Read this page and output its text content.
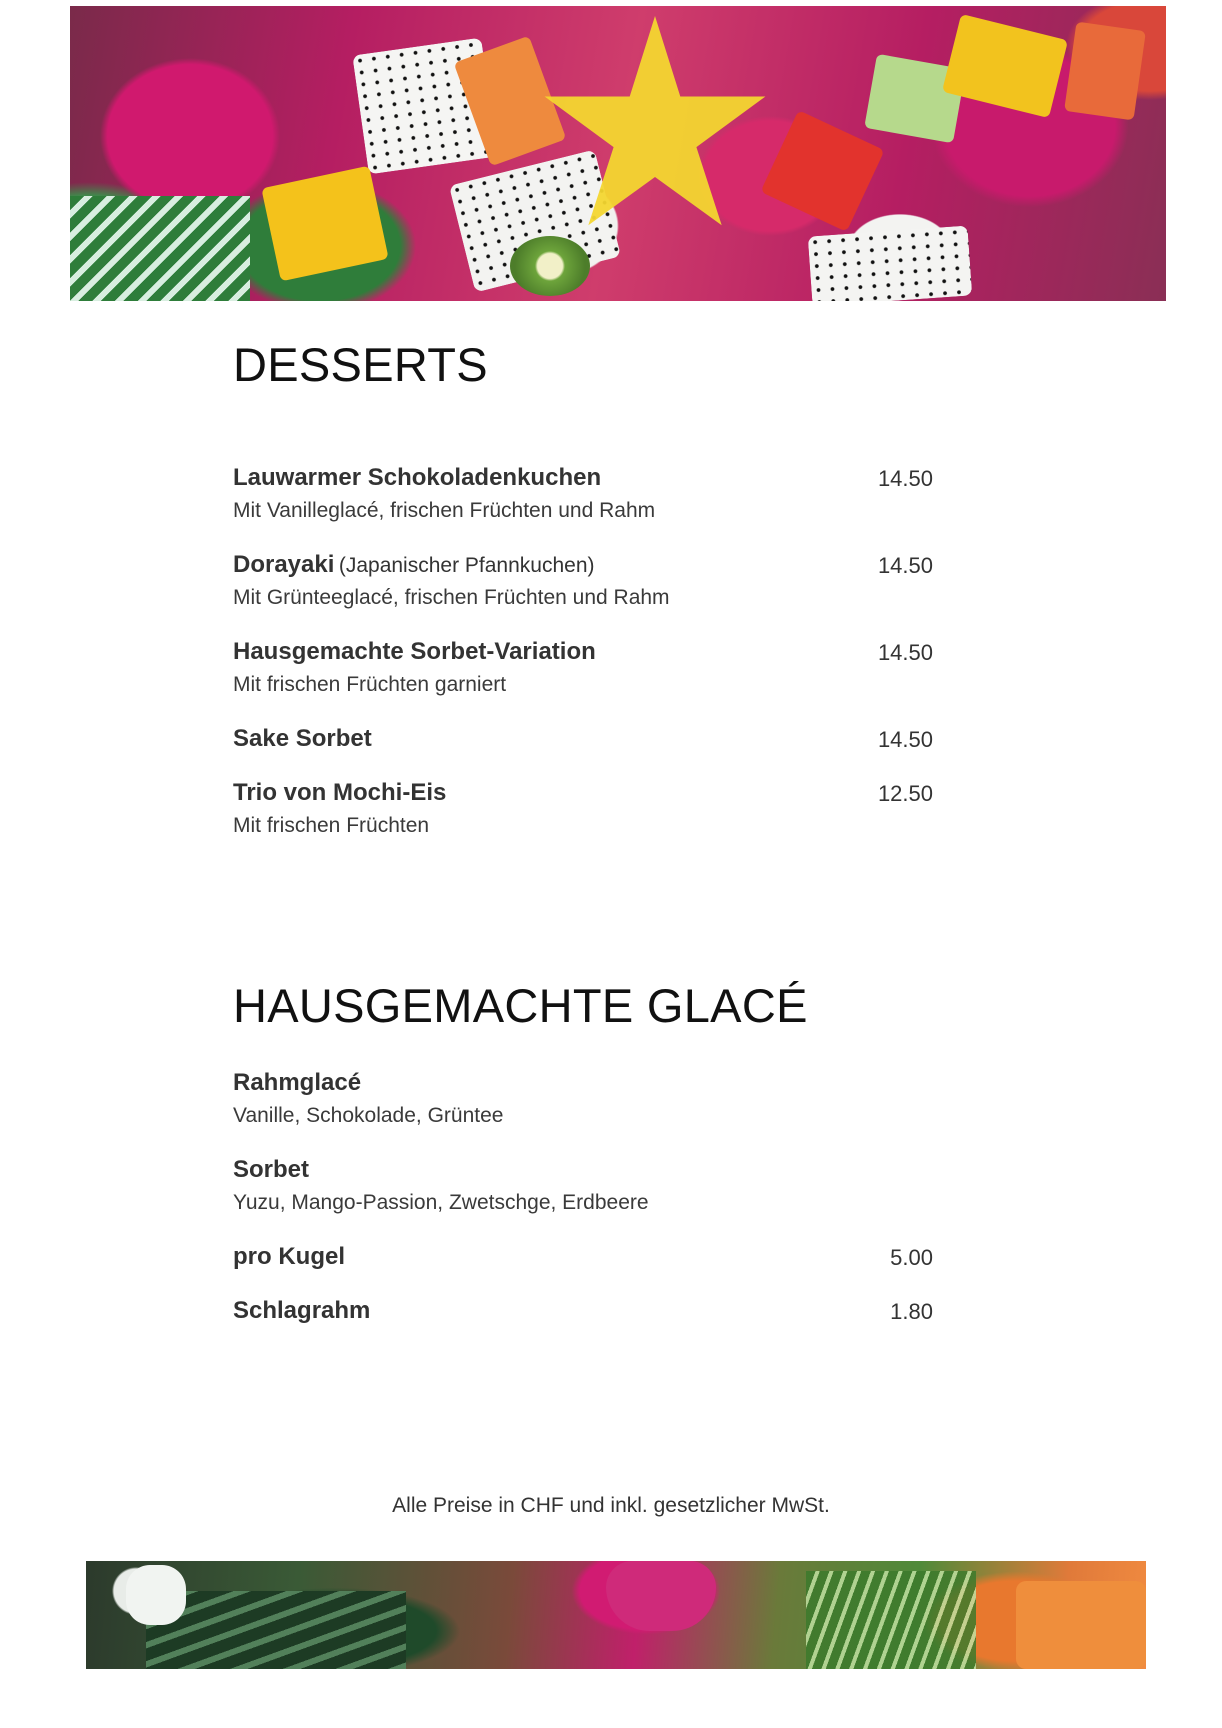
DESSERTS
Lauwarmer Schokoladenkuchen	14.50
Mit Vanilleglacé, frischen Früchten und Rahm
Dorayaki (Japanischer Pfannkuchen)	14.50
Mit Grünteeglacé, frischen Früchten und Rahm
Hausgemachte Sorbet-Variation	14.50
Mit frischen Früchten garniert
Sake Sorbet	14.50
Trio von Mochi-Eis	12.50
Mit frischen Früchten
HAUSGEMACHTE GLACÉ
Rahmglacé
Vanille, Schokolade, Grüntee
Sorbet
Yuzu, Mango-Passion, Zwetschge, Erdbeere
pro Kugel	5.00
Schlagrahm	1.80
Alle Preise in CHF und inkl. gesetzlicher MwSt.
